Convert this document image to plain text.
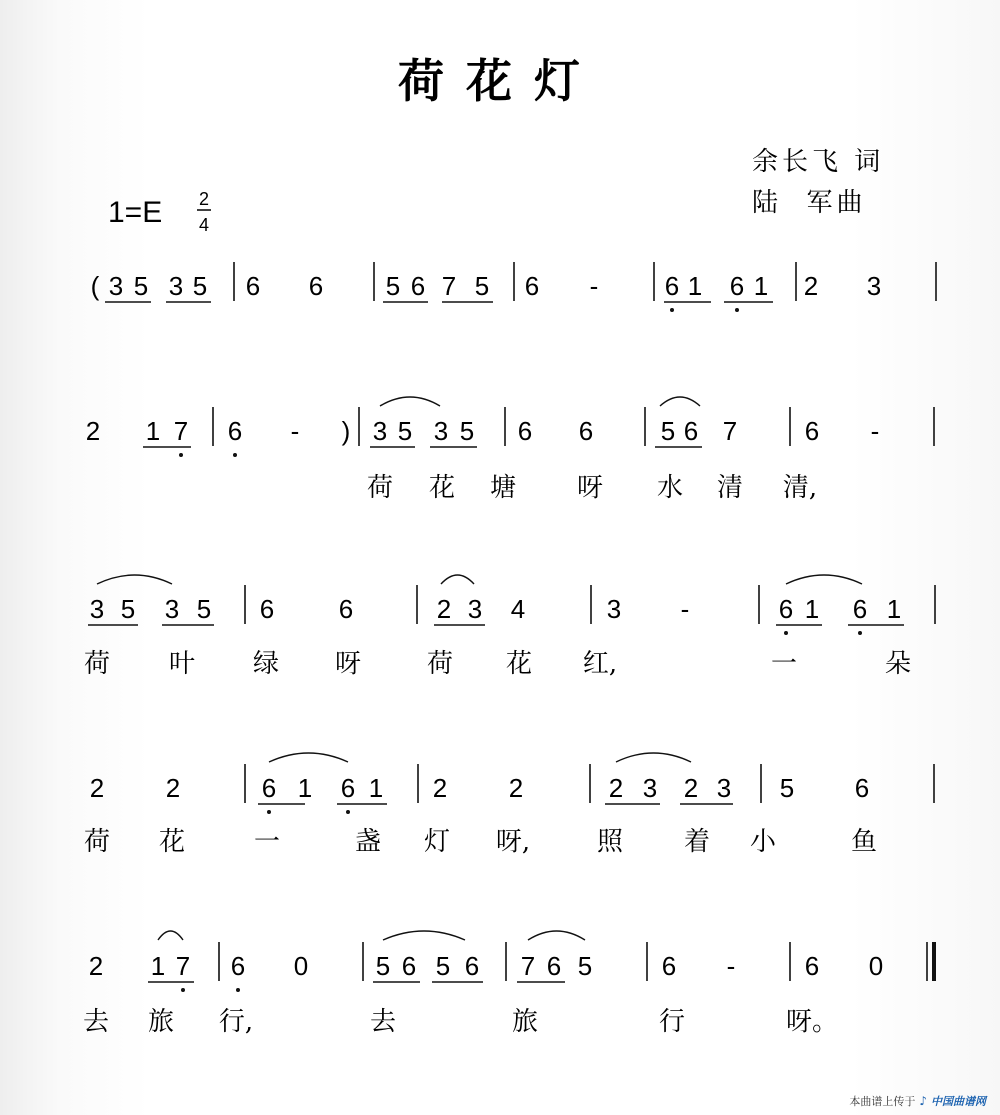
荷花灯
余长飞 词
陆  军曲
1=E 2
4
( 3 5 3 5 6 6 5 6 7 5 6 -	6 1 6 1 2 3
2 1 7 6 - ) 3 5 3 5 6 6	5 6 7	6 -
荷 花 塘 呀 水 清 清,
3 5 3 5 6 6	2 3 4	3 -	6 1 6 1
荷 叶 绿 呀	荷 花 红,	一	朵
2 2	6 1 6 1 2 2	2 3 2 3 5 6
荷 花	一	盏 灯 呀,	照 着 小	鱼
2 1 7 6 0	5 6 5 6 7 6 5	6 -	6 0
去 旅 行,	去	旅	行	呀。
本曲谱上传于 ♪ 中国曲谱网
